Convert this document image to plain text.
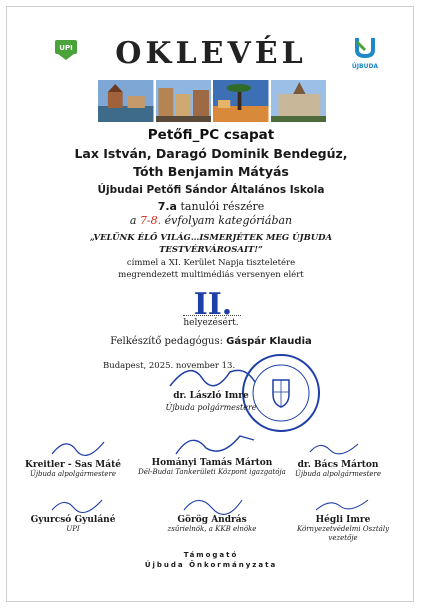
UPI
ÚJBUDA
OKLEVÉL
Petőfi_PC csapat
Lax István, Daragó Dominik Bendegúz,
Tóth Benjamin Mátyás
Újbudai Petőfi Sándor Általános Iskola
7.a tanulói részére
a 7-8. évfolyam kategóriában
„VELÜNK ÉLŐ VILÁG…ISMERJÉTEK MEG ÚJBUDA
TESTVÉRVÁROSAIT!”
címmel a XI. Kerület Napja tiszteletére
megrendezett multimédiás versenyen elért
II.
helyezésért.
Felkészítő pedagógus: Gáspár Klaudia
Budapest, 2025. november 13.
dr. László Imre
Újbuda polgármestere
Kreitler - Sas Máté
Újbuda alpolgármestere
Hományi Tamás Márton
Dél-Budai Tankerületi Központ igazgatója
dr. Bács Márton
Újbuda alpolgármestere
Gyurcsó Gyuláné
UPI
Görög András
zsűrielnök, a KKB elnöke
Hégli Imre
Környezetvédelmi Osztály vezetője
Támogató
Újbuda Önkormányzata
